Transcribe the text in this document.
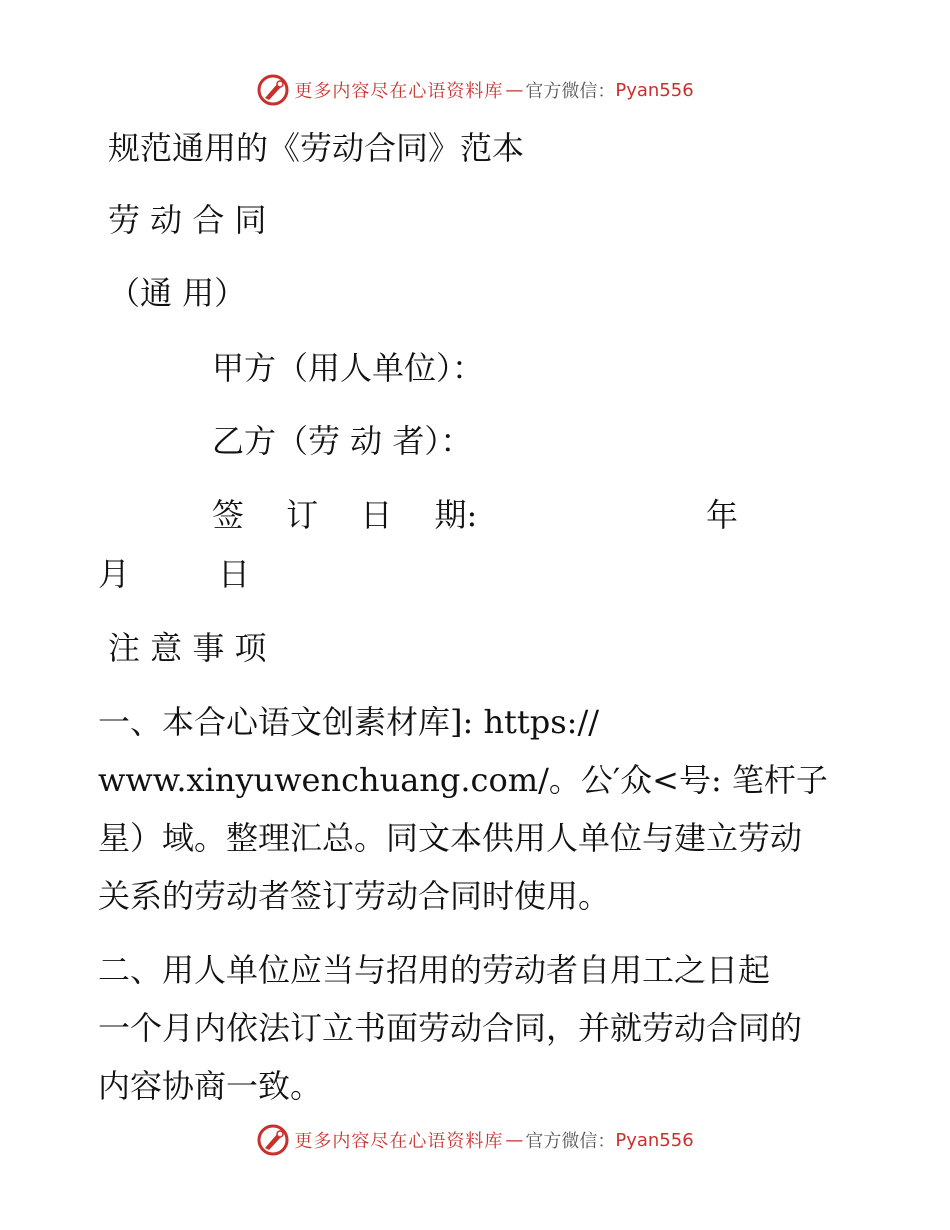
更多内容尽在心语资料库 — 官方微信： Pyan556
规范通用的《劳动合同》范本
劳 动 合 同
（通 用）
甲方（用人单位）：
乙方（劳 动 者）：
签　 订　 日　 期:	年
月	日
注 意 事 项
一、本合心语文创素材库]: https://
www.xinyuwenchuang.com/。公′众<号: 笔杆子
星）域。整理汇总。同文本供用人单位与建立劳动
关系的劳动者签订劳动合同时使用。
二、用人单位应当与招用的劳动者自用工之日起
一个月内依法订立书面劳动合同，并就劳动合同的
内容协商一致。
更多内容尽在心语资料库 — 官方微信： Pyan556
